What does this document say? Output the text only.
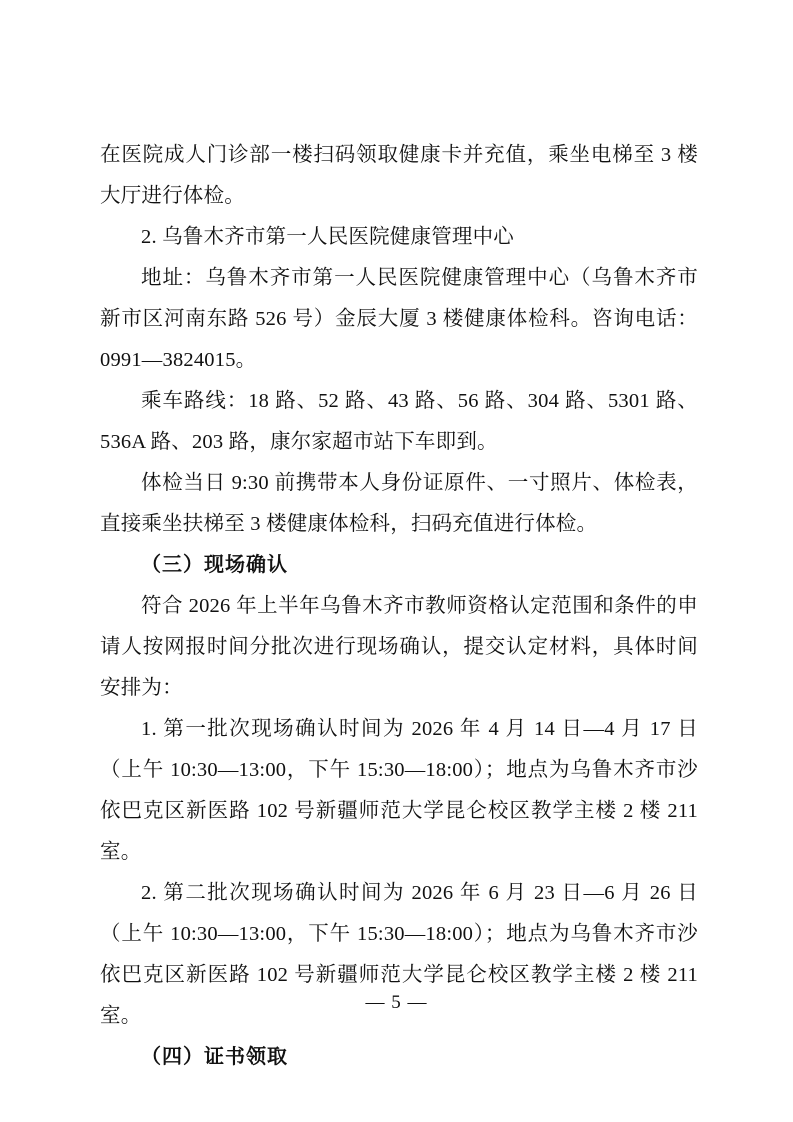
在医院成人门诊部一楼扫码领取健康卡并充值，乘坐电梯至 3 楼大厅进行体检。

2. 乌鲁木齐市第一人民医院健康管理中心

地址：乌鲁木齐市第一人民医院健康管理中心（乌鲁木齐市新市区河南东路 526 号）金辰大厦 3 楼健康体检科。咨询电话：0991—3824015。

乘车路线：18 路、52 路、43 路、56 路、304 路、5301 路、536A 路、203 路，康尔家超市站下车即到。

体检当日 9:30 前携带本人身份证原件、一寸照片、体检表，直接乘坐扶梯至 3 楼健康体检科，扫码充值进行体检。

（三）现场确认

符合 2026 年上半年乌鲁木齐市教师资格认定范围和条件的申请人按网报时间分批次进行现场确认，提交认定材料，具体时间安排为：

1. 第一批次现场确认时间为 2026 年 4 月 14 日—4 月 17 日（上午 10:30—13:00，下午 15:30—18:00）；地点为乌鲁木齐市沙依巴克区新医路 102 号新疆师范大学昆仑校区教学主楼 2 楼 211 室。

2. 第二批次现场确认时间为 2026 年 6 月 23 日—6 月 26 日（上午 10:30—13:00，下午 15:30—18:00）；地点为乌鲁木齐市沙依巴克区新医路 102 号新疆师范大学昆仑校区教学主楼 2 楼 211 室。

（四）证书领取

— 5 —
